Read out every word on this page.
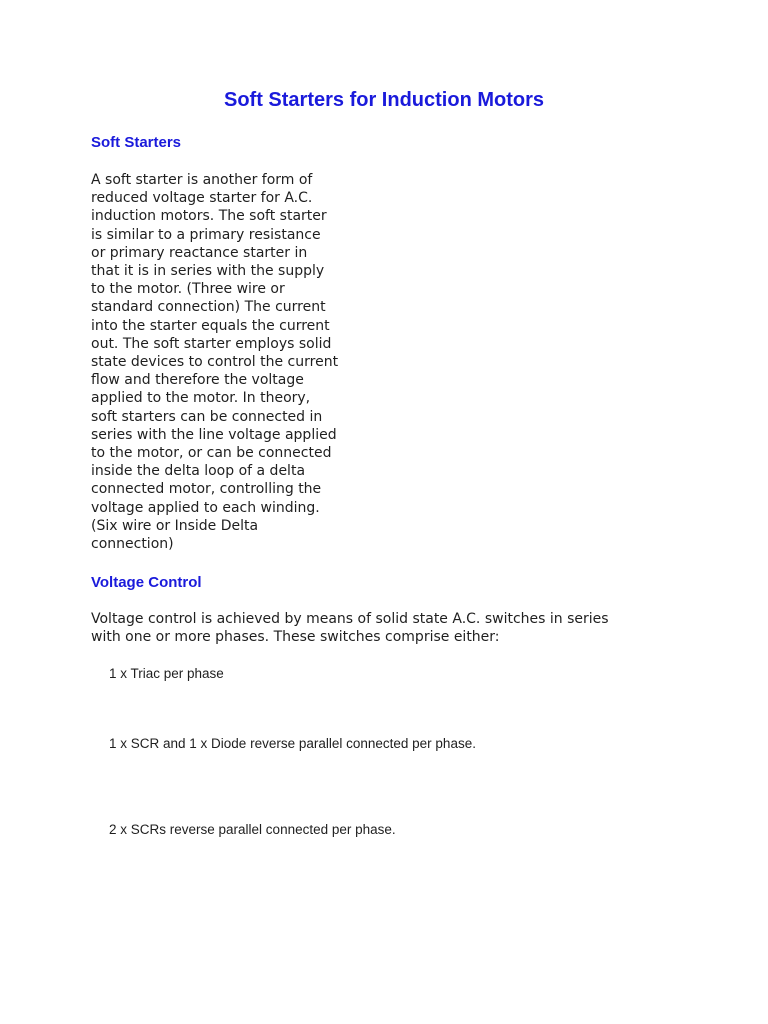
Soft Starters for Induction Motors
Soft Starters

A soft starter is another form of
reduced voltage starter for A.C.
induction motors. The soft starter
is similar to a primary resistance
or primary reactance starter in
that it is in series with the supply
to the motor. (Three wire or
standard connection) The current
into the starter equals the current
out. The soft starter employs solid
state devices to control the current
flow and therefore the voltage
applied to the motor. In theory,
soft starters can be connected in
series with the line voltage applied
to the motor, or can be connected
inside the delta loop of a delta
connected motor, controlling the
voltage applied to each winding.
(Six wire or Inside Delta
connection)

Voltage Control

Voltage control is achieved by means of solid state A.C. switches in series
with one or more phases. These switches comprise either:

1 x Triac per phase

1 x SCR and 1 x Diode reverse parallel connected per phase.

2 x SCRs reverse parallel connected per phase.
